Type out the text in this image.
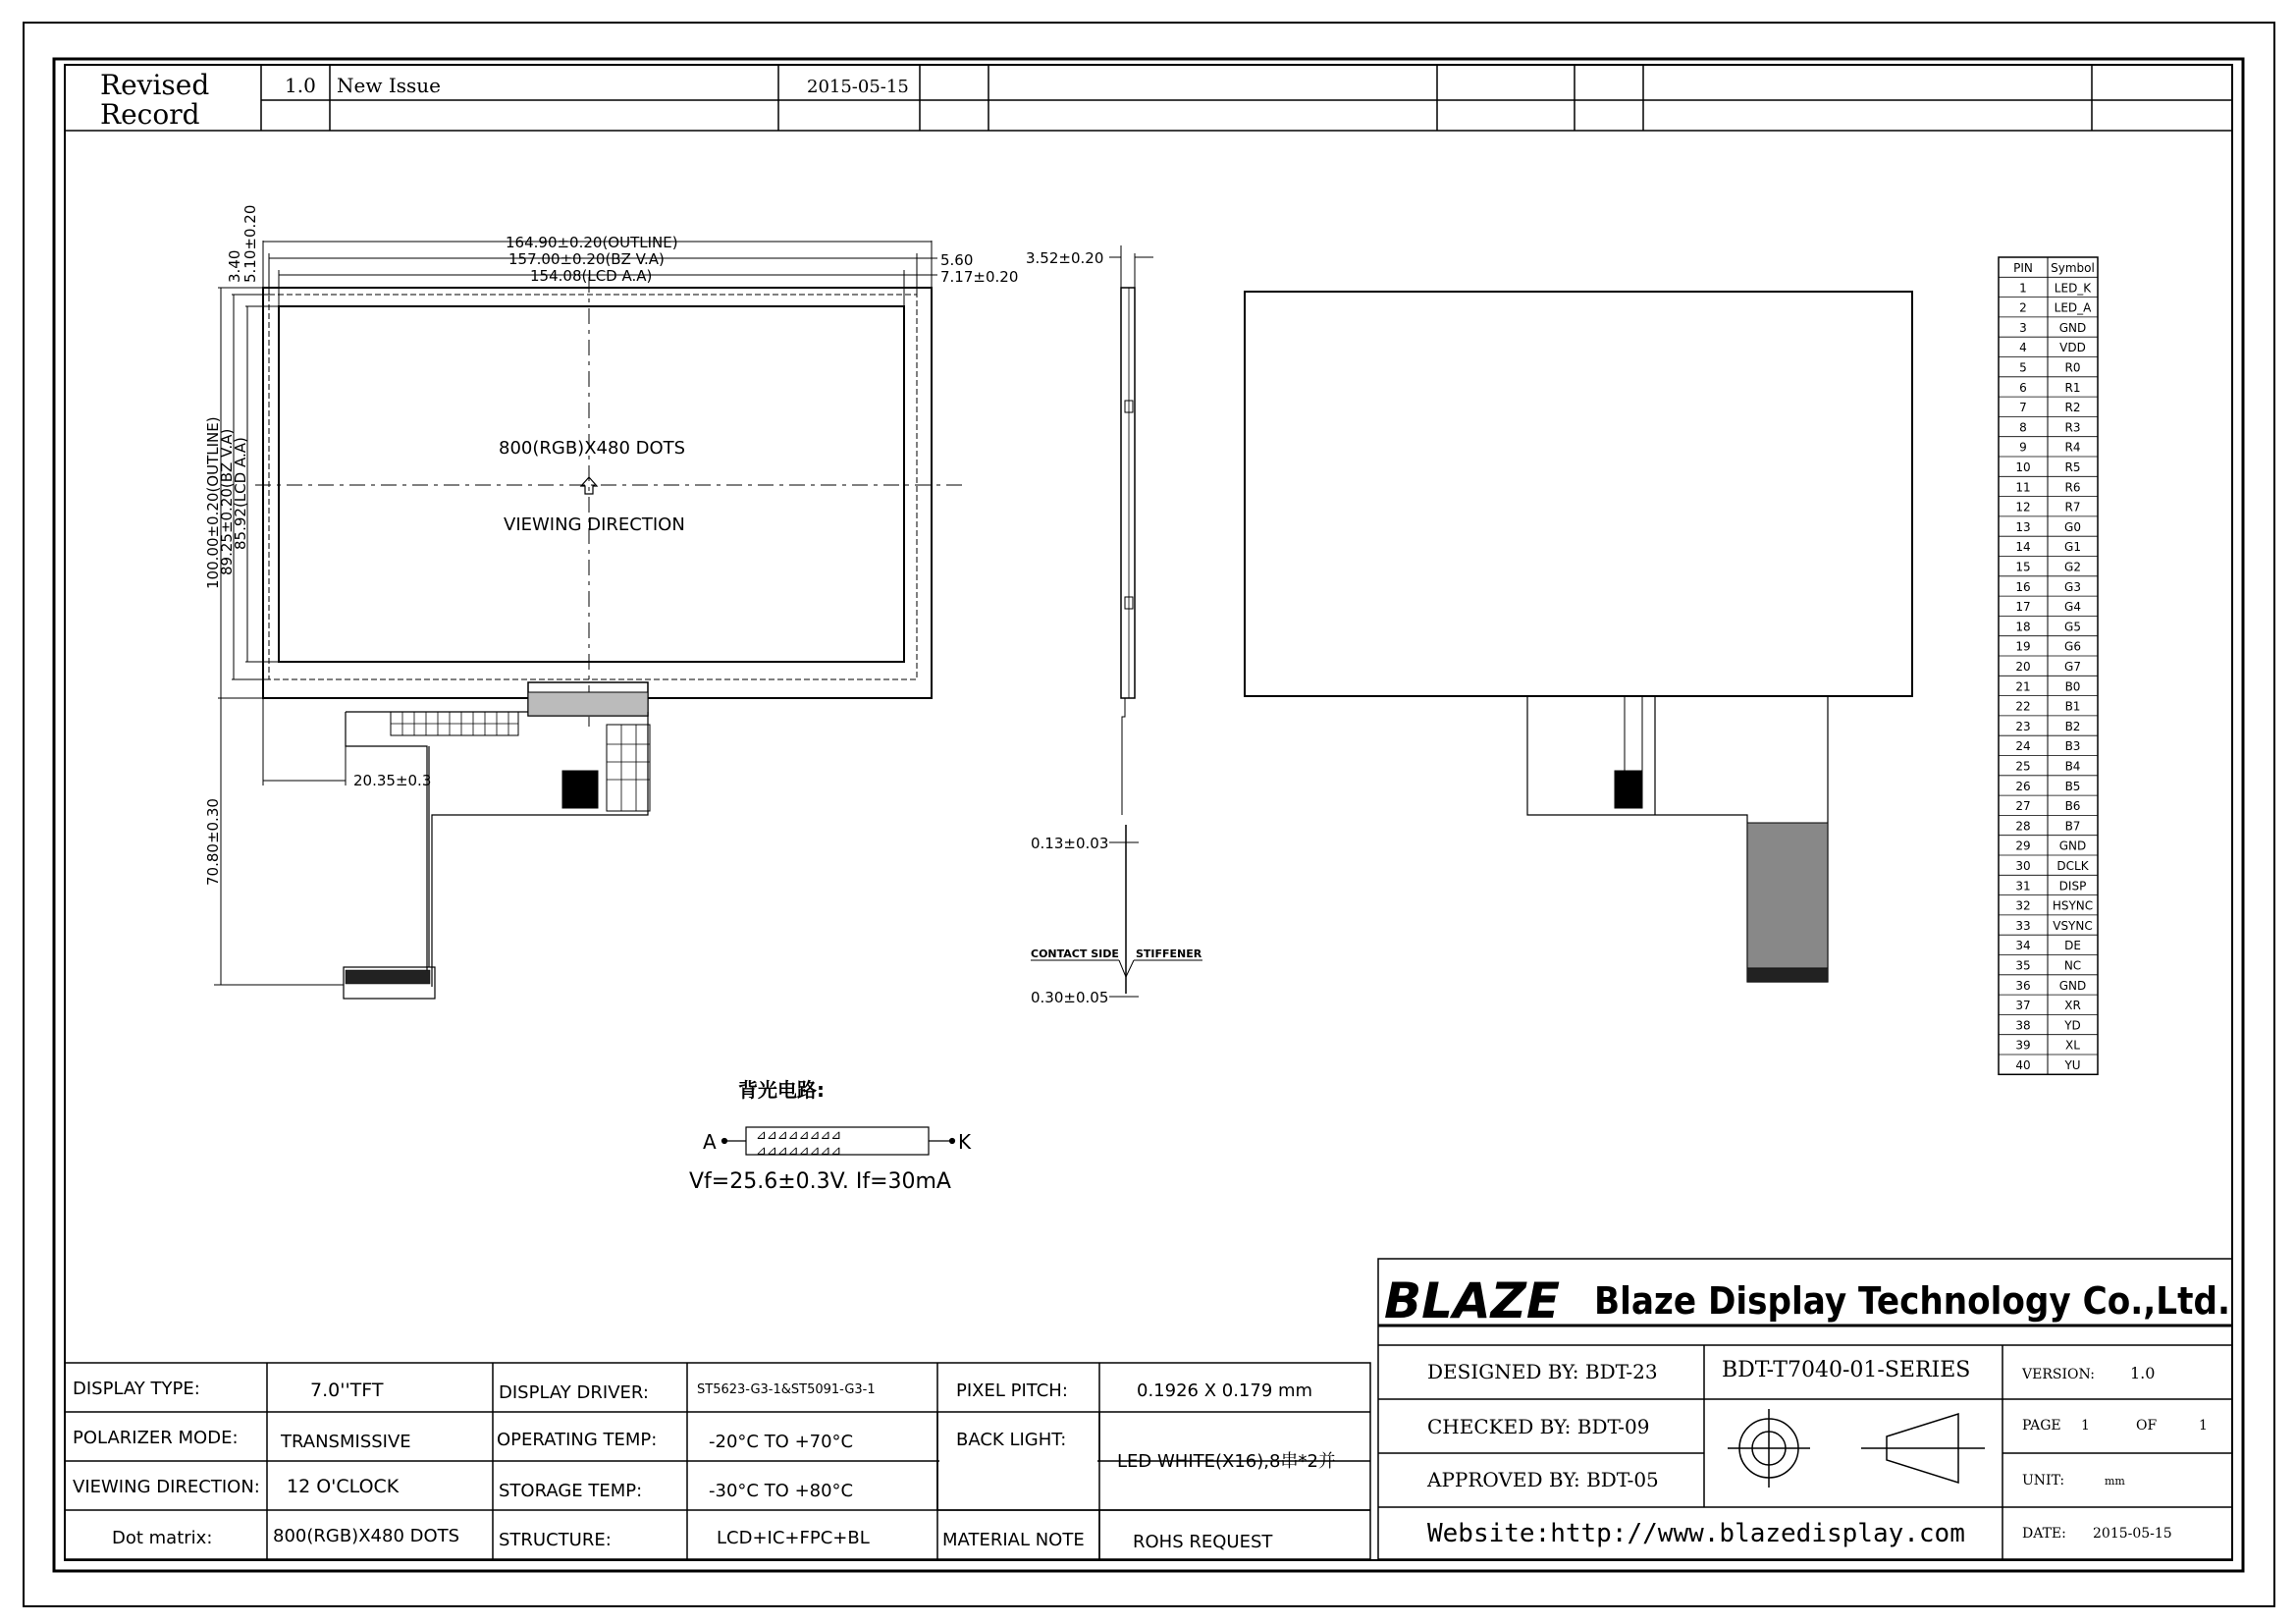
Revised
Record
1.0 New Issue	2015-05-15
164.90±0.20(OUTLINE)
157.00±0.20(BZ V.A)
154.08(LCD A.A)
5.60
7.17±0.20
3.40
5.10±0.20
100.00±0.20(OUTLINE)
89.25±0.20(BZ V.A)
85.92(LCD A.A)
20.35±0.3
70.80±0.30
800(RGB)X480 DOTS
VIEWING DIRECTION
3.52±0.20
0.13±0.03
CONTACT SIDE STIFFENER
0.30±0.05
背光电路:
⊿⊿⊿⊿⊿⊿⊿⊿
⊿⊿⊿⊿⊿⊿⊿⊿
A	K
Vf=25.6±0.3V. If=30mA
PIN Symbol
1 LED_K
2 LED_A
3	GND
4	VDD
5	R0
6	R1
7	R2
8	R3
9	R4
10	R5
11	R6
12	R7
13	G0
14	G1
15	G2
16	G3
17	G4
18	G5
19	G6
20	G7
21	B0
22	B1
23	B2
24	B3
25	B4
26	B5
27	B6
28	B7
29 GND
30 DCLK
31 DISP
32 HSYNC
33 VSYNC
34	DE
35	NC
36 GND
37	XR
38	YD
39	XL
40	YU
DISPLAY TYPE:	7.0''TFT	DISPLAY DRIVER:	ST5623-G3-1&ST5091-G3-1	PIXEL PITCH:	0.1926 X 0.179 mm
POLARIZER MODE: TRANSMISSIVE	OPERATING TEMP:	-20°C TO +70°C	BACK LIGHT:
LED WHITE(X16),8串*2并
VIEWING DIRECTION: 12 O'CLOCK	STORAGE TEMP:	-30°C TO +80°C
Dot matrix:	800(RGB)X480 DOTS STRUCTURE:	LCD+IC+FPC+BL	MATERIAL NOTE	ROHS REQUEST
BLAZE Blaze Display Technology Co.,Ltd.
DESIGNED BY: BDT-23
CHECKED BY: BDT-09
APPROVED BY: BDT-05
BDT-T7040-01-SERIES	VERSION: 1.0
PAGE 1	OF	1
UNIT:	mm
DATE: 2015-05-15
Website:http://www.blazedisplay.com
